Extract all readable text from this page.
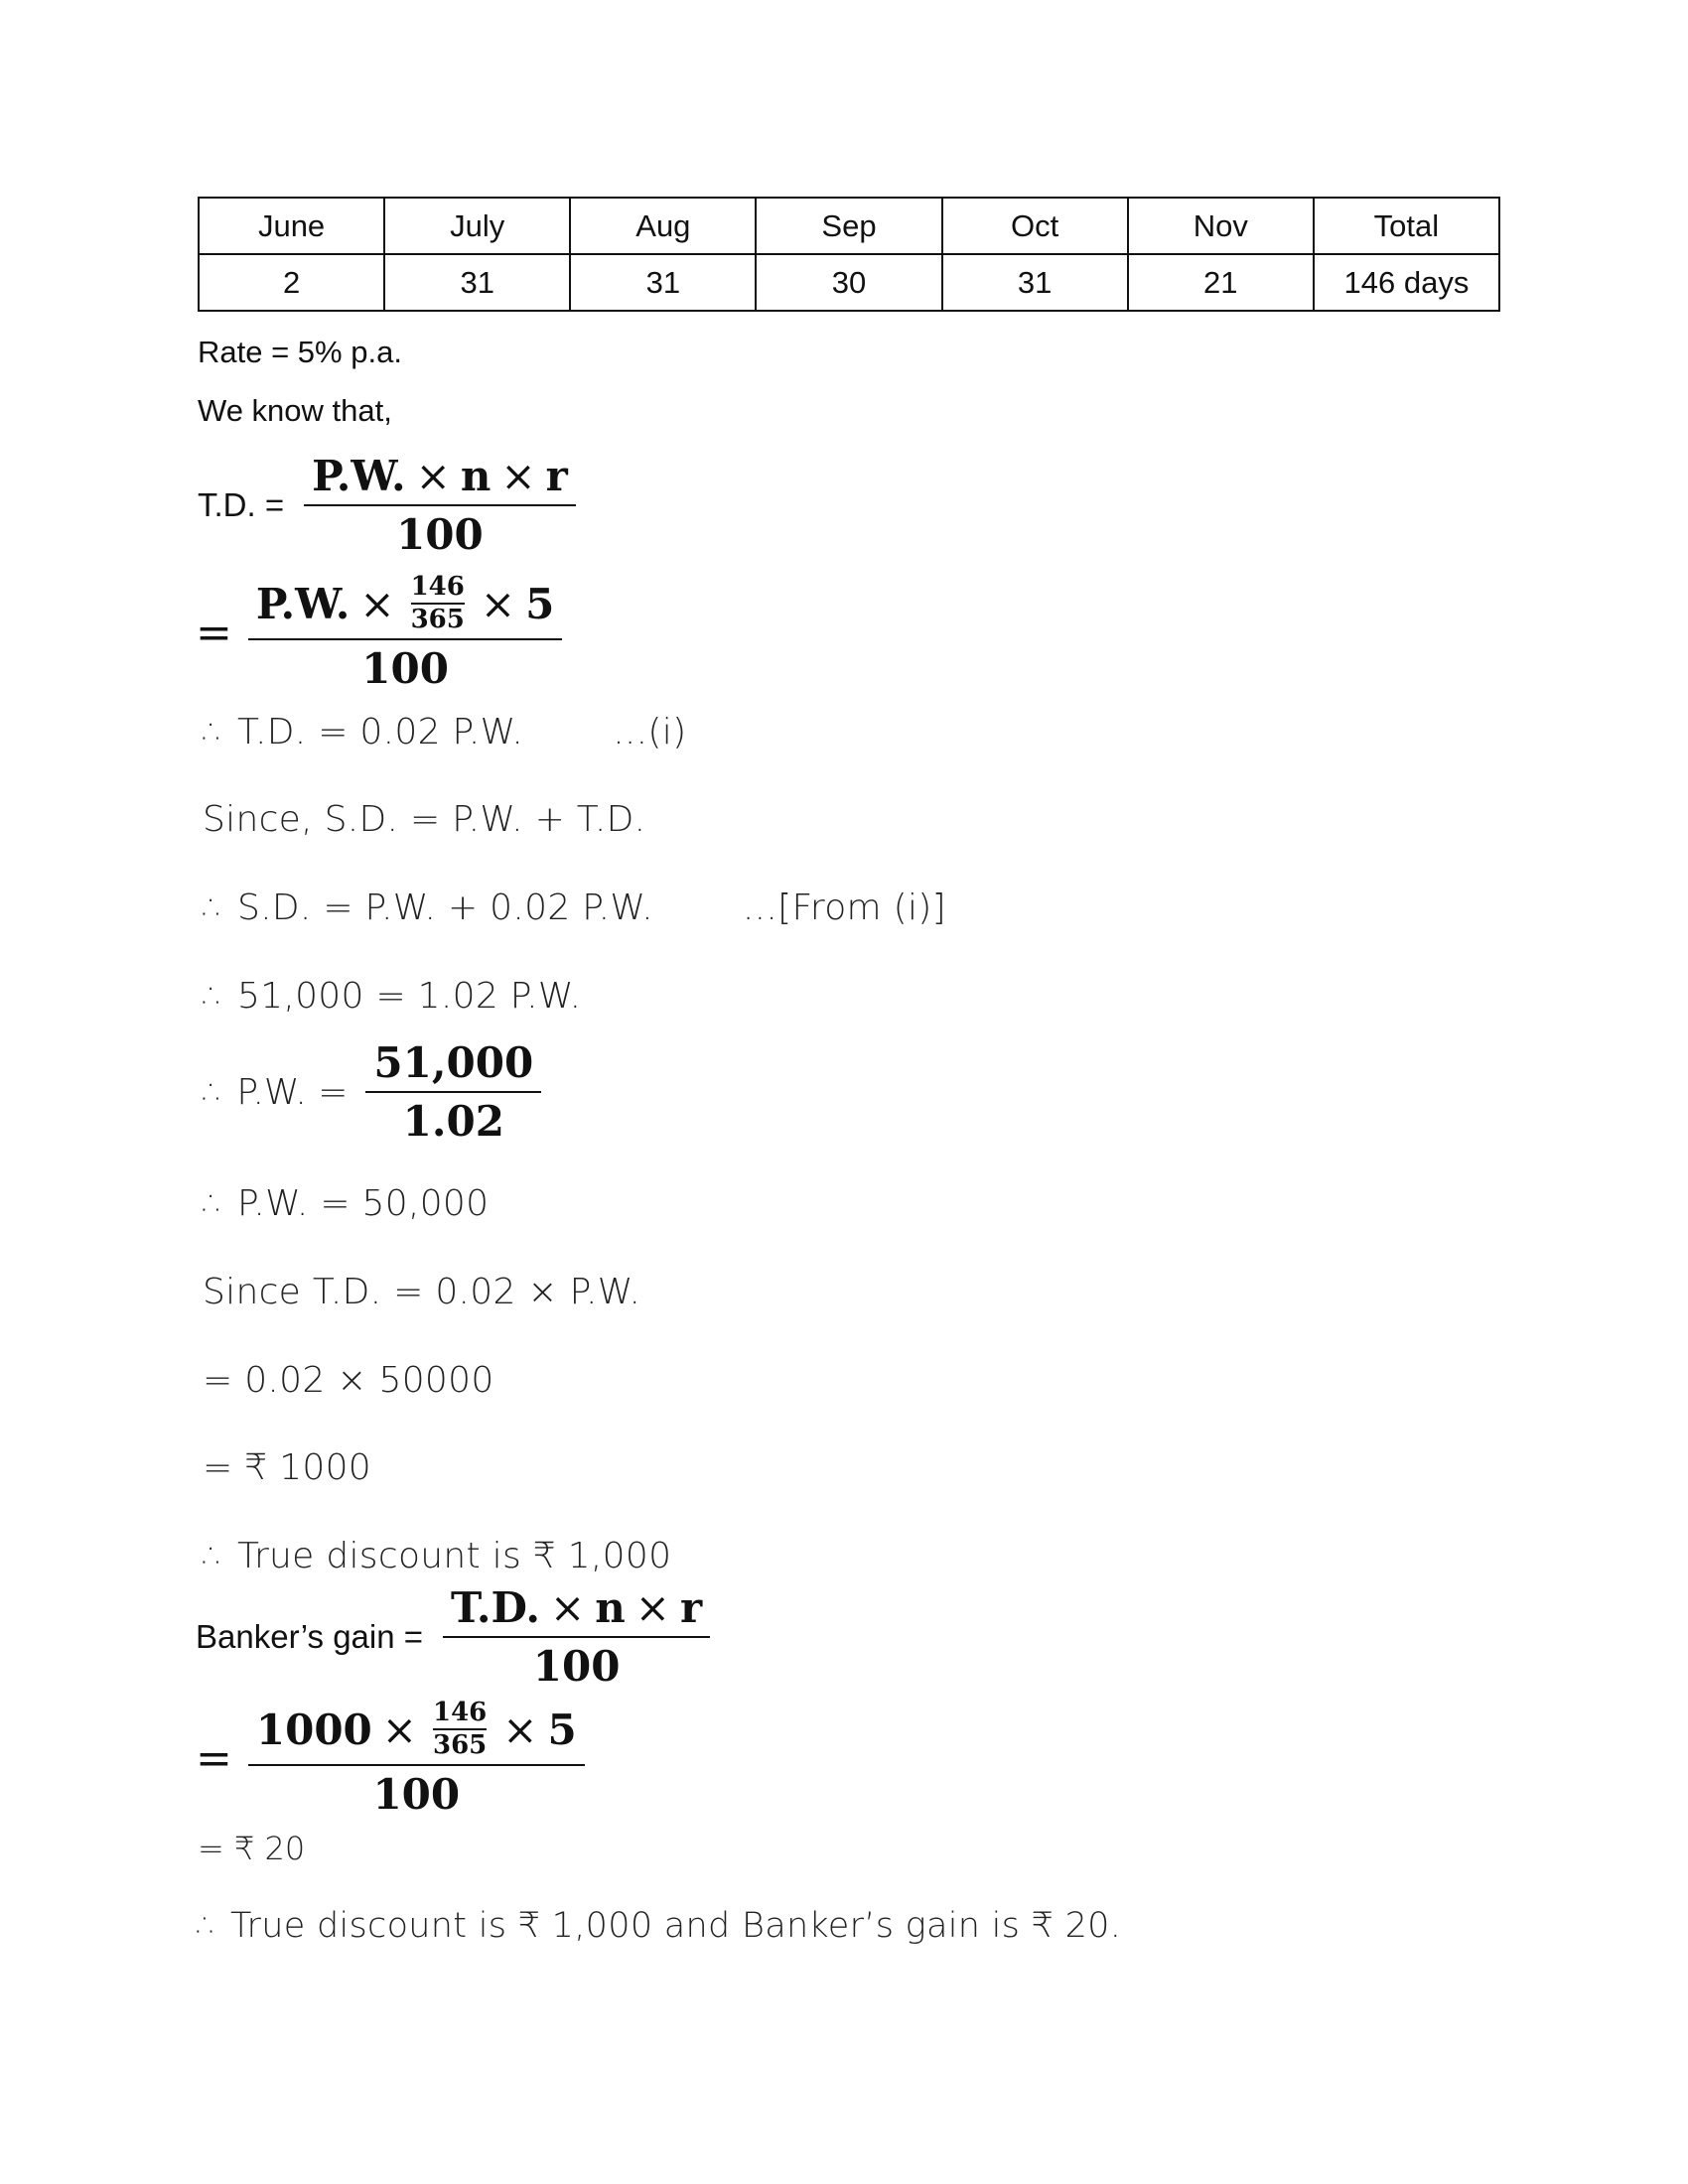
June	July	Aug	Sep	Oct	Nov	Total
2	31	31	30	31	21	146 days
Rate = 5% p.a.
We know that,
T.D. = $\frac{P.W. \times n \times r}{100}$
=
P.W. × 146
365 × 5
100
∴ T.D. = 0.02 P.W.	...(i)
Since, S.D. = P.W. + T.D.
∴ S.D. = P.W. + 0.02 P.W.	...[From (i)]
∴ 51,000 = 1.02 P.W.
∴ P.W. = $\frac{51,000}{1.02}$
∴ P.W. = 50,000
Since T.D. = 0.02 × P.W.
= 0.02 × 50000
= ₹ 1000
∴ True discount is ₹ 1,000
Banker’s gain = $\frac{T.D. \times n \times r}{100}$
=
1000 × 146
365 × 5
100
= ₹ 20
∴ True discount is ₹ 1,000 and Banker’s gain is ₹ 20.
